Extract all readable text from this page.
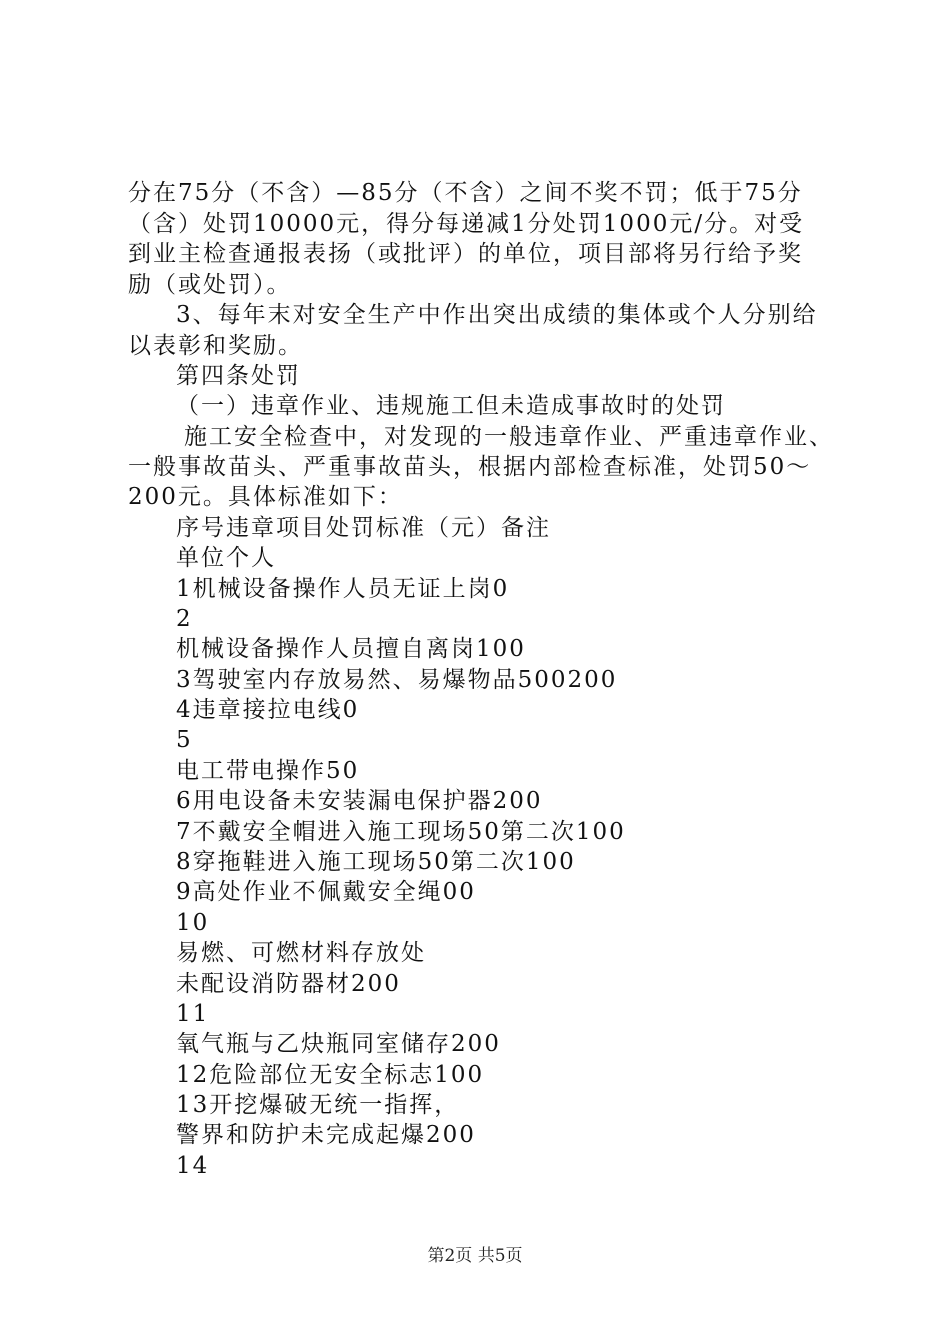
分在75分（不含）—85分（不含）之间不奖不罚；低于75分
（含）处罚10000元，得分每递减1分处罚1000元/分。对受
到业主检查通报表扬（或批评）的单位，项目部将另行给予奖
励（或处罚）。
3、每年末对安全生产中作出突出成绩的集体或个人分别给
以表彰和奖励。
第四条处罚
（一）违章作业、违规施工但未造成事故时的处罚
施工安全检查中，对发现的一般违章作业、严重违章作业、
一般事故苗头、严重事故苗头，根据内部检查标准，处罚50～
200元。具体标准如下：
序号违章项目处罚标准（元）备注
单位个人
1机械设备操作人员无证上岗0
2
机械设备操作人员擅自离岗100
3驾驶室内存放易然、易爆物品500200
4违章接拉电线0
5
电工带电操作50
6用电设备未安装漏电保护器200
7不戴安全帽进入施工现场50第二次100
8穿拖鞋进入施工现场50第二次100
9高处作业不佩戴安全绳00
10
易燃、可燃材料存放处
未配设消防器材200
11
氧气瓶与乙炔瓶同室储存200
12危险部位无安全标志100
13开挖爆破无统一指挥，
警界和防护未完成起爆200
14
第2页 共5页
